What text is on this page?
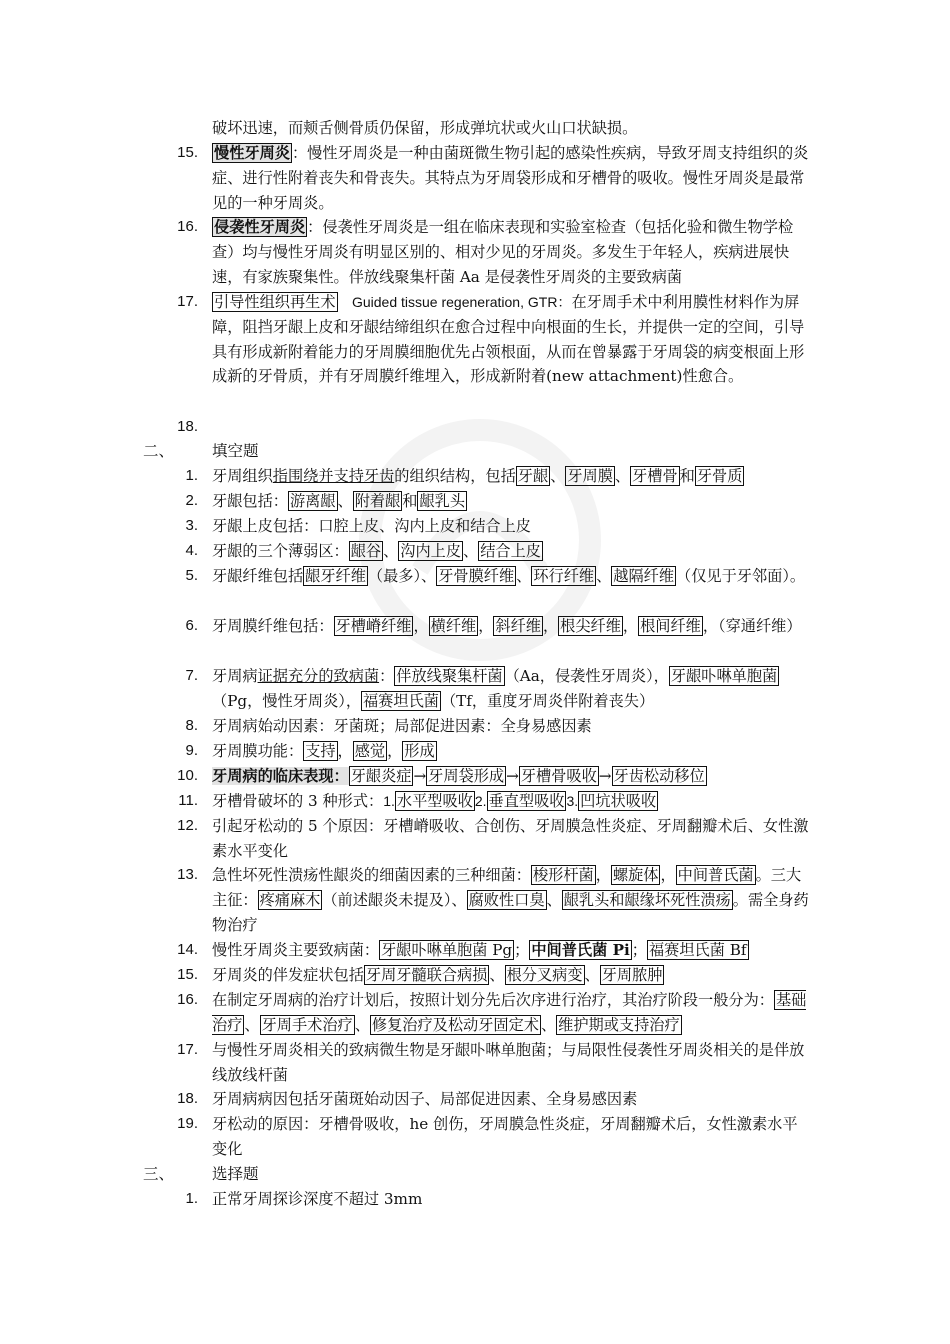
破坏迅速，而颊舌侧骨质仍保留，形成弹坑状或火山口状缺损。
15. 慢性牙周炎 ：慢性牙周炎是一种由菌斑微生物引起的感染性疾病，导致牙周支持组织的炎症、进行性附着丧失和骨丧失。其特点为牙周袋形成和牙槽骨的吸收。慢性牙周炎是最常见的一种牙周炎。
16. 侵袭性牙周炎 ：侵袭性牙周炎是一组在临床表现和实验室检查（包括化验和微生物学检查）均与慢性牙周炎有明显区别的、相对少见的牙周炎。多发生于年轻人，疾病进展快速，有家族聚集性。伴放线聚集杆菌 Aa 是侵袭性牙周炎的主要致病菌
17. 引导性组织再生术 Guided tissue regeneration, GTR：在牙周手术中利用膜性材料作为屏障，阻挡牙龈上皮和牙龈结缔组织在愈合过程中向根面的生长，并提供一定的空间，引导具有形成新附着能力的牙周膜细胞优先占领根面，从而在曾暴露于牙周袋的病变根面上形成新的牙骨质，并有牙周膜纤维埋入，形成新附着(new attachment)性愈合。
18.
二、	填空题
1. 牙周组织指围绕并支持牙齿的组织结构，包括 牙龈 、 牙周膜 、 牙槽骨 和 牙骨质
2. 牙龈包括： 游离龈 、 附着龈 和 龈乳头
3. 牙龈上皮包括：口腔上皮、沟内上皮和结合上皮
4. 牙龈的三个薄弱区： 龈谷 、 沟内上皮 、 结合上皮
5. 牙龈纤维包括 龈牙纤维 （最多）、 牙骨膜纤维 、 环行纤维 、 越隔纤维 （仅见于牙邻面）。
6. 牙周膜纤维包括： 牙槽嵴纤维 ， 横纤维 ， 斜纤维 ， 根尖纤维 ， 根间纤维 ，（穿通纤维）
7. 牙周病证据充分的致病菌： 伴放线聚集杆菌 （Aa，侵袭性牙周炎）， 牙龈卟啉单胞菌（Pg，慢性牙周炎）， 福赛坦氏菌 （Tf，重度牙周炎伴附着丧失）
8. 牙周病始动因素：牙菌斑；局部促进因素：全身易感因素
9. 牙周膜功能： 支持 ， 感觉 ， 形成
10. 牙周病的临床表现： 牙龈炎症 → 牙周袋形成 → 牙槽骨吸收 → 牙齿松动移位
11. 牙槽骨破坏的 3 种形式：1. 水平型吸收 2. 垂直型吸收 3. 凹坑状吸收
12. 引起牙松动的 5 个原因：牙槽嵴吸收、合创伤、牙周膜急性炎症、牙周翻瓣术后、女性激素水平变化
13. 急性坏死性溃疡性龈炎的细菌因素的三种细菌： 梭形杆菌 ， 螺旋体 ， 中间普氏菌 。三大主征： 疼痛麻木 （前述龈炎未提及）、 腐败性口臭 、 龈乳头和龈缘坏死性溃疡 。需全身药物治疗
14. 慢性牙周炎主要致病菌： 牙龈卟啉单胞菌 Pg ； 中间普氏菌 Pi ； 福赛坦氏菌 Bf
15. 牙周炎的伴发症状包括 牙周牙髓联合病损 、 根分叉病变 、 牙周脓肿
16. 在制定牙周病的治疗计划后，按照计划分先后次序进行治疗，其治疗阶段一般分为： 基础治疗 、 牙周手术治疗 、 修复治疗及松动牙固定术 、 维护期或支持治疗
17. 与慢性牙周炎相关的致病微生物是牙龈卟啉单胞菌；与局限性侵袭性牙周炎相关的是伴放线放线杆菌
18. 牙周病病因包括牙菌斑始动因子、局部促进因素、全身易感因素
19. 牙松动的原因：牙槽骨吸收，he 创伤，牙周膜急性炎症，牙周翻瓣术后，女性激素水平变化
三、	选择题
1. 正常牙周探诊深度不超过 3mm
